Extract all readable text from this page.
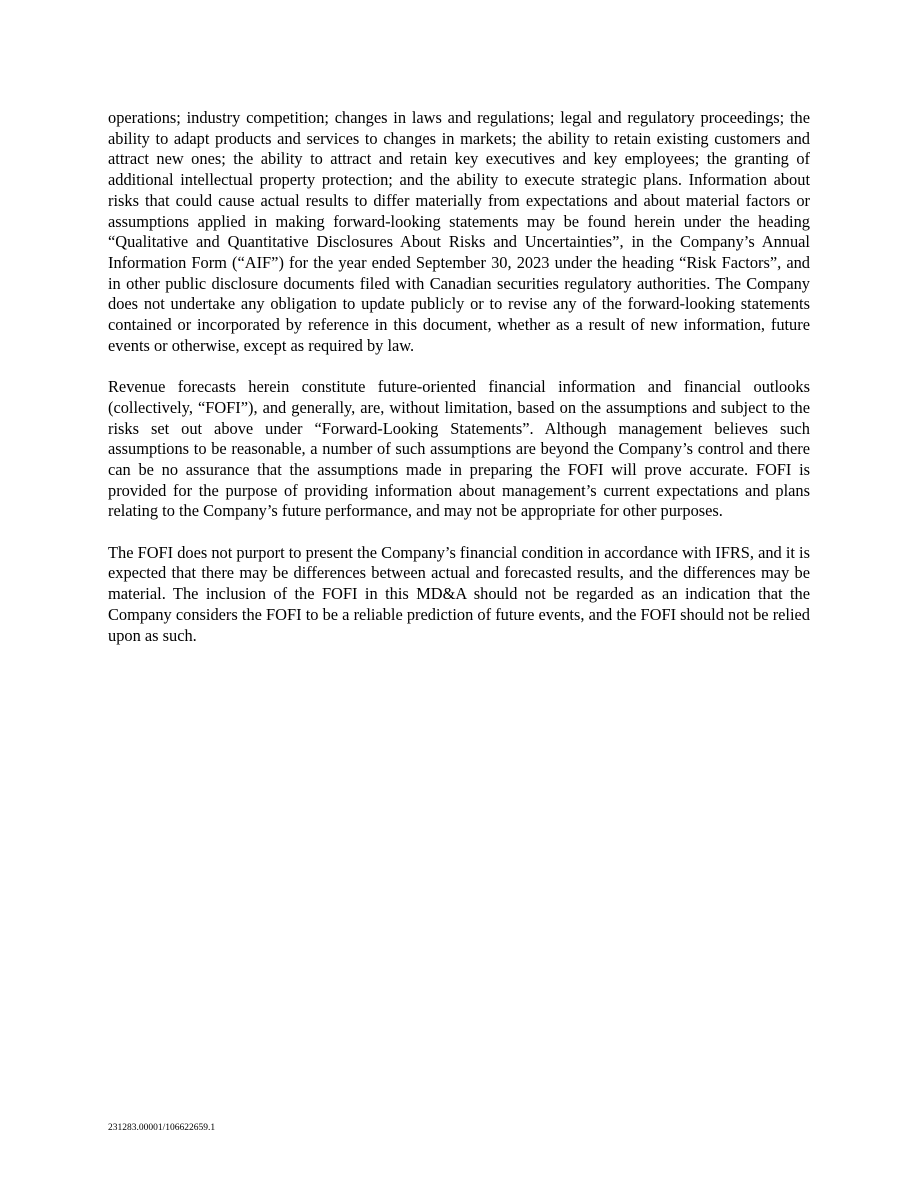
operations; industry competition; changes in laws and regulations; legal and regulatory proceedings; the ability to adapt products and services to changes in markets; the ability to retain existing customers and attract new ones; the ability to attract and retain key executives and key employees; the granting of additional intellectual property protection; and the ability to execute strategic plans. Information about risks that could cause actual results to differ materially from expectations and about material factors or assumptions applied in making forward-looking statements may be found herein under the heading “Qualitative and Quantitative Disclosures About Risks and Uncertainties”, in the Company’s Annual Information Form (“AIF”) for the year ended September 30, 2023 under the heading “Risk Factors”, and in other public disclosure documents filed with Canadian securities regulatory authorities. The Company does not undertake any obligation to update publicly or to revise any of the forward-looking statements contained or incorporated by reference in this document, whether as a result of new information, future events or otherwise, except as required by law.

Revenue forecasts herein constitute future‑oriented financial information and financial outlooks (collectively, “FOFI”), and generally, are, without limitation, based on the assumptions and subject to the risks set out above under “Forward‑Looking Statements”. Although management believes such assumptions to be reasonable, a number of such assumptions are beyond the Company’s control and there can be no assurance that the assumptions made in preparing the FOFI will prove accurate. FOFI is provided for the purpose of providing information about management’s current expectations and plans relating to the Company’s future performance, and may not be appropriate for other purposes.

The FOFI does not purport to present the Company’s financial condition in accordance with IFRS, and it is expected that there may be differences between actual and forecasted results, and the differences may be material. The inclusion of the FOFI in this MD&A should not be regarded as an indication that the Company considers the FOFI to be a reliable prediction of future events, and the FOFI should not be relied upon as such.

231283.00001/106622659.1
